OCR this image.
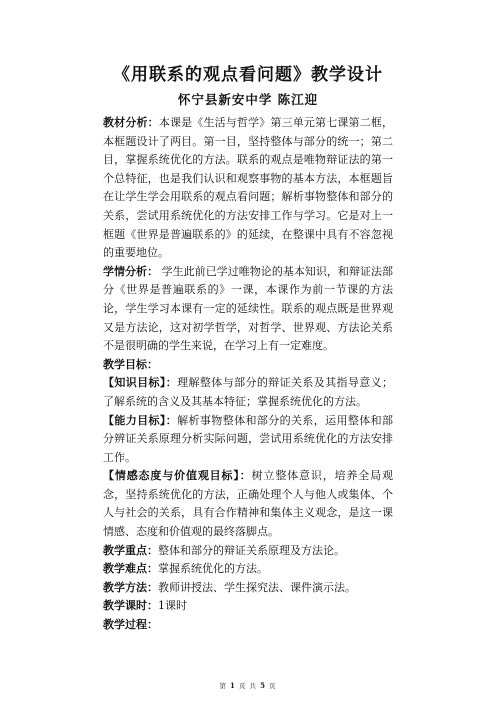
《用联系的观点看问题》教学设计
怀宁县新安中学 陈江迎

教材分析：本课是《生活与哲学》第三单元第七课第二框，本框题设计了两目。第一目，坚持整体与部分的统一；第二目，掌握系统优化的方法。联系的观点是唯物辩证法的第一个总特征，也是我们认识和观察事物的基本方法，本框题旨在让学生学会用联系的观点看问题；解析事物整体和部分的关系，尝试用系统优化的方法安排工作与学习。它是对上一框题《世界是普遍联系的》的延续，在整课中具有不容忽视的重要地位。

学情分析： 学生此前已学过唯物论的基本知识，和辩证法部分《世界是普遍联系的》一课，本课作为前一节课的方法论，学生学习本课有一定的延续性。联系的观点既是世界观又是方法论，这对初学哲学，对哲学、世界观、方法论关系不是很明确的学生来说，在学习上有一定难度。

教学目标：

【知识目标】：理解整体与部分的辩证关系及其指导意义；了解系统的含义及其基本特征；掌握系统优化的方法。

【能力目标】：解析事物整体和部分的关系，运用整体和部分辨证关系原理分析实际问题，尝试用系统优化的方法安排工作。

【情感态度与价值观目标】：树立整体意识，培养全局观念，坚持系统优化的方法，正确处理个人与他人或集体、个人与社会的关系，具有合作精神和集体主义观念，是这一课情感、态度和价值观的最终落脚点。

教学重点：整体和部分的辩证关系原理及方法论。

教学难点：掌握系统优化的方法。

教学方法：教师讲授法、学生探究法、课件演示法。

教学课时：1课时

教学过程：

第 1 页 共 5 页
